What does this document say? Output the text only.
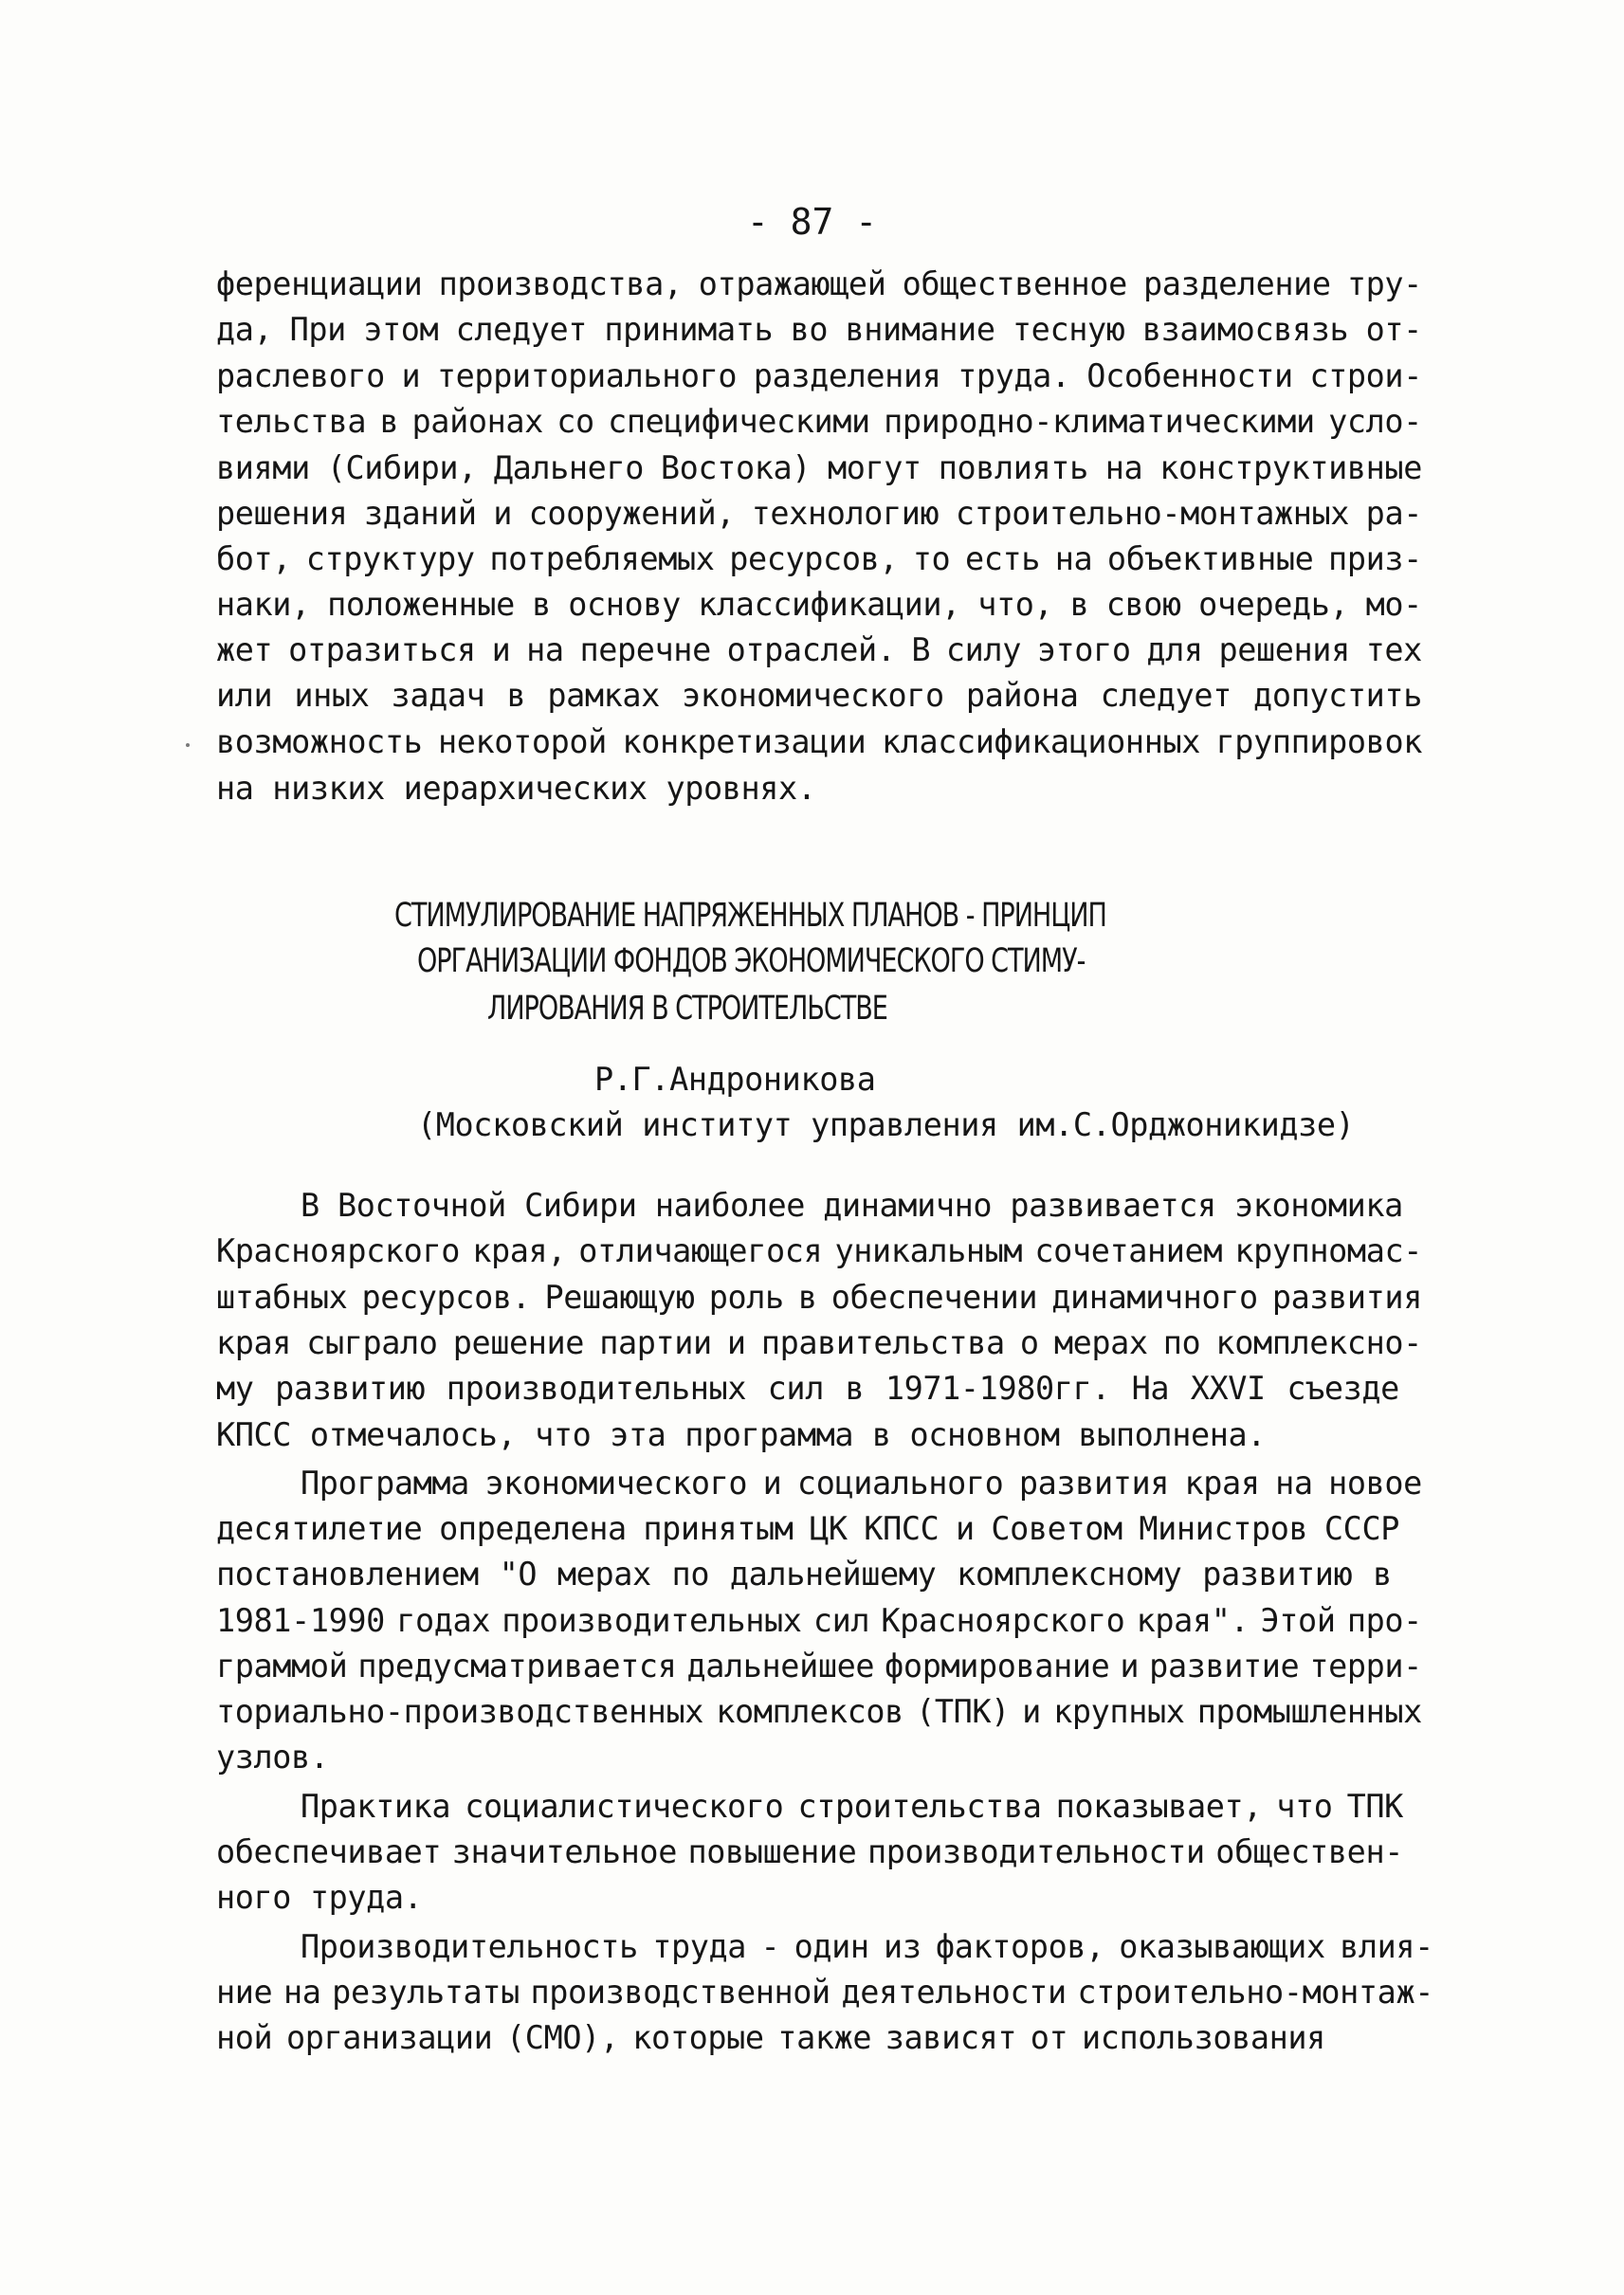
- 87 -
ференциации производства, отражающей общественное разделение тру-
да, При этом следует принимать во внимание тесную взаимосвязь от-
раслевого и территориального разделения труда. Особенности строи-
тельства в районах со специфическими природно-климатическими усло-
виями (Сибири, Дальнего Востока) могут повлиять на конструктивные
решения зданий и сооружений, технологию строительно-монтажных ра-
бот, структуру потребляемых ресурсов, то есть на объективные приз-
наки, положенные в основу классификации, что, в свою очередь, мо-
жет отразиться и на перечне отраслей. В силу этого для решения тех
или иных задач в рамках экономического района следует допустить
возможность некоторой конкретизации классификационных группировок
на низких иерархических уровнях.
СТИМУЛИРОВАНИЕ НАПРЯЖЕННЫХ ПЛАНОВ - ПРИНЦИП
ОРГАНИЗАЦИИ ФОНДОВ ЭКОНОМИЧЕСКОГО СТИМУ-
ЛИРОВАНИЯ В СТРОИТЕЛЬСТВЕ
Р.Г.Андроникова
(Московский институт управления им.С.Орджоникидзе)
В Восточной Сибири наиболее динамично развивается экономика
Красноярского края, отличающегося уникальным сочетанием крупномас-
штабных ресурсов. Решающую роль в обеспечении динамичного развития
края сыграло решение партии и правительства о мерах по комплексно-
му развитию производительных сил в 1971-1980гг. На XXVI съезде
КПСС отмечалось, что эта программа в основном выполнена.
Программа экономического и социального развития края на новое
десятилетие определена принятым ЦК КПСС и Советом Министров СССР
постановлением "О мерах по дальнейшему комплексному развитию в
1981-1990 годах производительных сил Красноярского края". Этой про-
граммой предусматривается дальнейшее формирование и развитие терри-
ториально-производственных комплексов (ТПК) и крупных промышленных
узлов.
Практика социалистического строительства показывает, что ТПК
обеспечивает значительное повышение производительности обществен-
ного труда.
Производительность труда - один из факторов, оказывающих влия-
ние на результаты производственной деятельности строительно-монтаж-
ной организации (СМО), которые также зависят от использования
